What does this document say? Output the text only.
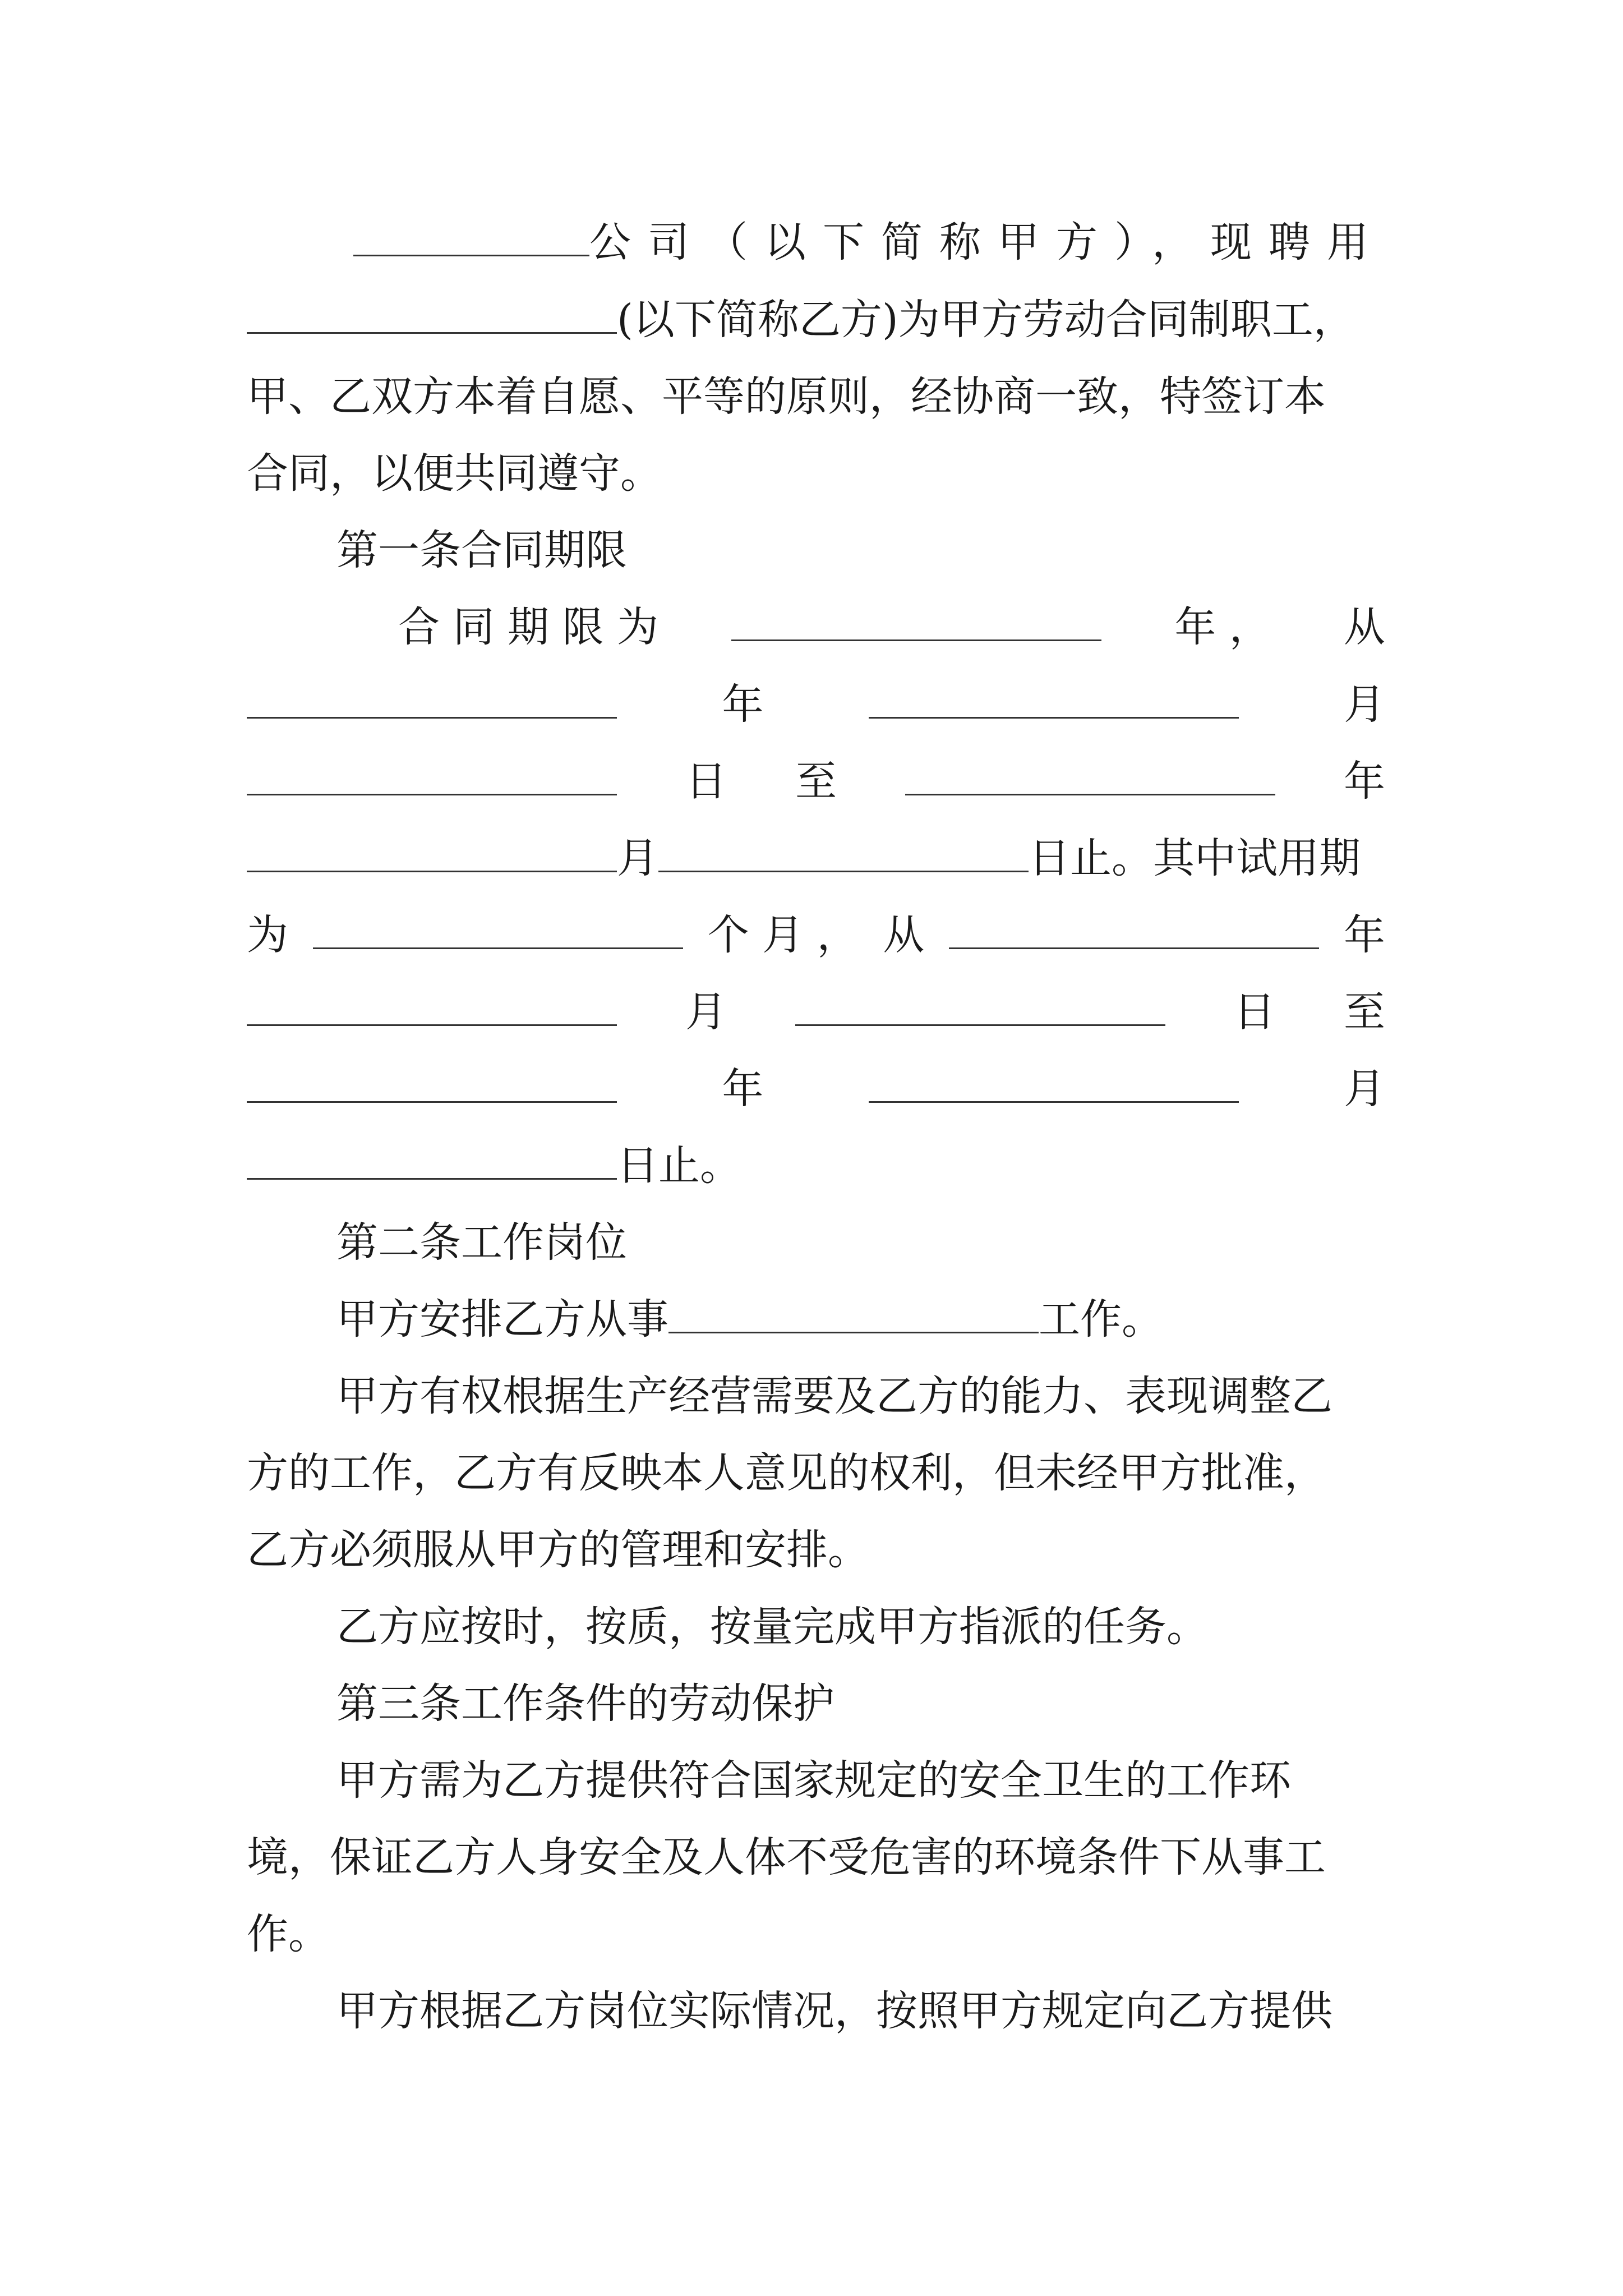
公司（以下简称甲方），现聘用
(以下简称乙方)为甲方劳动合同制职工，
甲、乙双方本着自愿、平等的原则，经协商一致，特签订本
合同，以便共同遵守。
第一条合同期限
合 同 期 限 为	年 ， 从
年	月
日 至	年
月	日止。其中试用期
为	个 月 ， 从	年
月	日 至
年	月
日止。
第二条工作岗位
甲方安排乙方从事	工作。
甲方有权根据生产经营需要及乙方的能力、表现调整乙
方的工作，乙方有反映本人意见的权利，但未经甲方批准，
乙方必须服从甲方的管理和安排。
乙方应按时，按质，按量完成甲方指派的任务。
第三条工作条件的劳动保护
甲方需为乙方提供符合国家规定的安全卫生的工作环
境，保证乙方人身安全及人体不受危害的环境条件下从事工
作。
甲方根据乙方岗位实际情况，按照甲方规定向乙方提供
